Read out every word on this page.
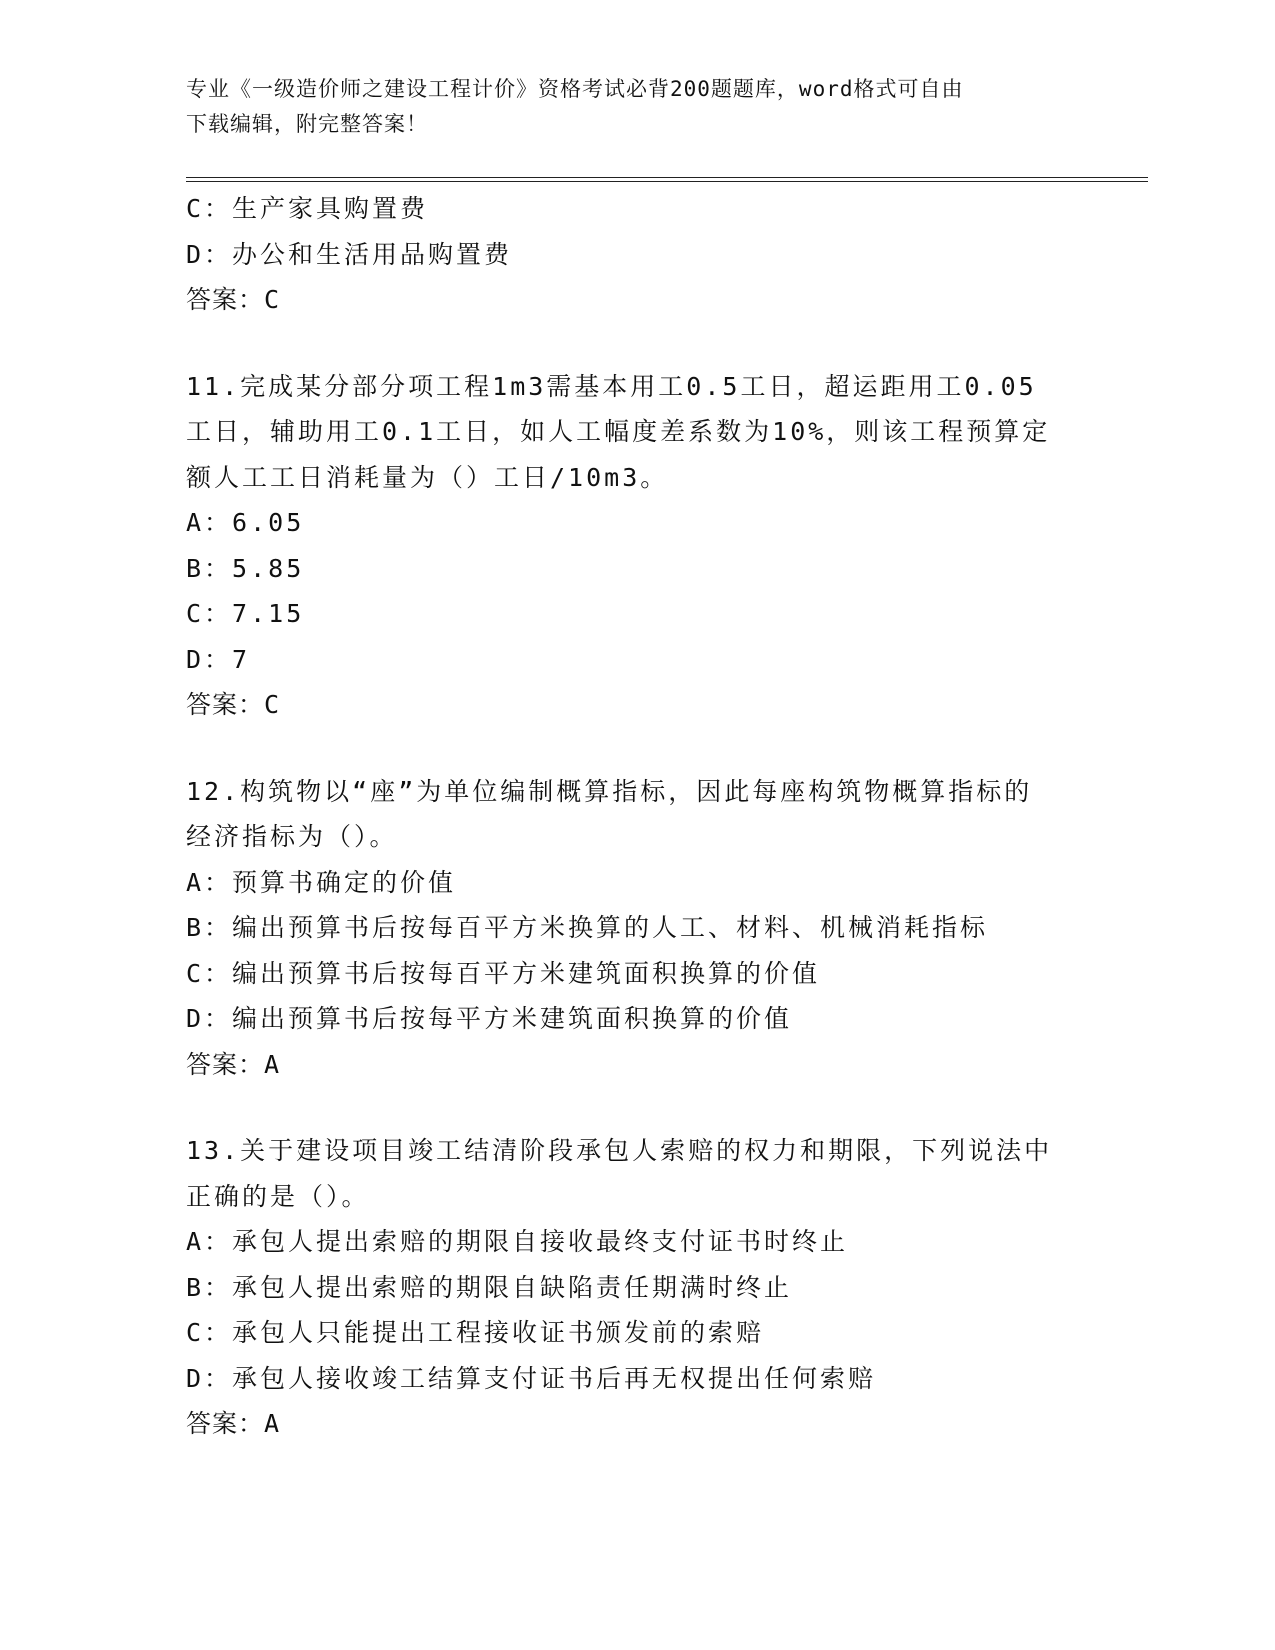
专业《一级造价师之建设工程计价》资格考试必背200题题库，word格式可自由
下载编辑，附完整答案！
C：生产家具购置费
D：办公和生活用品购置费
答案：C
11.完成某分部分项工程1m3需基本用工0.5工日，超运距用工0.05
工日，辅助用工0.1工日，如人工幅度差系数为10%，则该工程预算定
额人工工日消耗量为（）工日/10m3。
A：6.05
B：5.85
C：7.15
D：7
答案：C
12.构筑物以“座”为单位编制概算指标，因此每座构筑物概算指标的
经济指标为（）。
A：预算书确定的价值
B：编出预算书后按每百平方米换算的人工、材料、机械消耗指标
C：编出预算书后按每百平方米建筑面积换算的价值
D：编出预算书后按每平方米建筑面积换算的价值
答案：A
13.关于建设项目竣工结清阶段承包人索赔的权力和期限，下列说法中
正确的是（）。
A：承包人提出索赔的期限自接收最终支付证书时终止
B：承包人提出索赔的期限自缺陷责任期满时终止
C：承包人只能提出工程接收证书颁发前的索赔
D：承包人接收竣工结算支付证书后再无权提出任何索赔
答案：A
